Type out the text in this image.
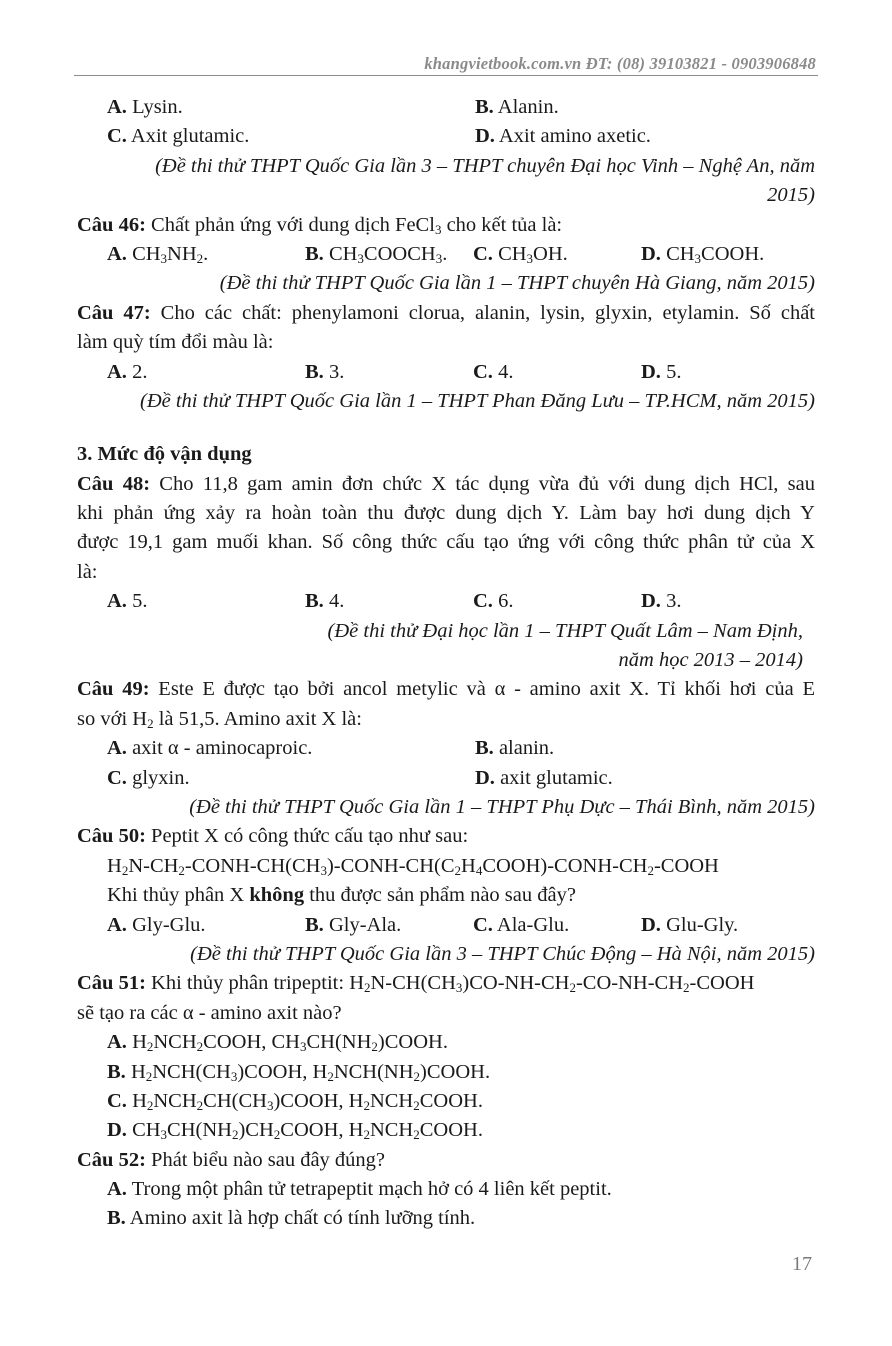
khangvietbook.com.vn ĐT: (08) 39103821 - 0903906848
A. Lysin.	B. Alanin.
C. Axit glutamic.	D. Axit amino axetic.
(Đề thi thử THPT Quốc Gia lần 3 – THPT chuyên Đại học Vinh – Nghệ An, năm
2015)
Câu 46: Chất phản ứng với dung dịch FeCl$_3$ cho kết tủa là:
A. $CH_3NH_2$.	B. $CH_3COOCH_3$.	C. $CH_3OH$.	D. $CH_3COOH$.
(Đề thi thử THPT Quốc Gia lần 1 – THPT chuyên Hà Giang, năm 2015)
Câu 47: Cho các chất: phenylamoni clorua, alanin, lysin, glyxin, etylamin. Số chất
làm quỳ tím đổi màu là:
A. 2.	B. 3.	C. 4.	D. 5.
(Đề thi thử THPT Quốc Gia lần 1 – THPT Phan Đăng Lưu – TP.HCM, năm 2015)
3. Mức độ vận dụng
Câu 48: Cho 11,8 gam amin đơn chức X tác dụng vừa đủ với dung dịch HCl, sau
khi phản ứng xảy ra hoàn toàn thu được dung dịch Y. Làm bay hơi dung dịch Y
được 19,1 gam muối khan. Số công thức cấu tạo ứng với công thức phân tử của X
là:
A. 5.	B. 4.	C. 6.	D. 3.
(Đề thi thử Đại học lần 1 – THPT Quất Lâm – Nam Định,
năm học 2013 – 2014)
Câu 49: Este E được tạo bởi ancol metylic và α - amino axit X. Tỉ khối hơi của E
so với $H_2$ là 51,5. Amino axit X là:
A. axit α - aminocaproic.	B. alanin.
C. glyxin.	D. axit glutamic.
(Đề thi thử THPT Quốc Gia lần 1 – THPT Phụ Dực – Thái Bình, năm 2015)
Câu 50: Peptit X có công thức cấu tạo như sau:
$H_2N-CH_2-CONH-CH(CH_3)-CONH-CH(C_2H_4COOH)-CONH-CH_2$-COOH
Khi thủy phân X không thu được sản phẩm nào sau đây?
A. Gly-Glu.	B. Gly-Ala.	C. Ala-Glu.	D. Glu-Gly.
(Đề thi thử THPT Quốc Gia lần 3 – THPT Chúc Động – Hà Nội, năm 2015)
Câu 51: Khi thủy phân tripeptit: $H_2N-CH(CH_3)CO-NH-CH_2-CO-NH-CH_2$-COOH
sẽ tạo ra các α - amino axit nào?
A. $H_2NCH_2COOH$, $CH_3CH(NH_2)COOH$.
B. $H_2NCH(CH_3)COOH$, $H_2NCH(NH_2)COOH$.
C. $H_2NCH_2CH(CH_3)COOH$, $H_2NCH_2COOH$.
D. $CH_3CH(NH_2)CH_2COOH$, $H_2NCH_2COOH$.
Câu 52: Phát biểu nào sau đây đúng?
A. Trong một phân tử tetrapeptit mạch hở có 4 liên kết peptit.
B. Amino axit là hợp chất có tính lưỡng tính.
17
